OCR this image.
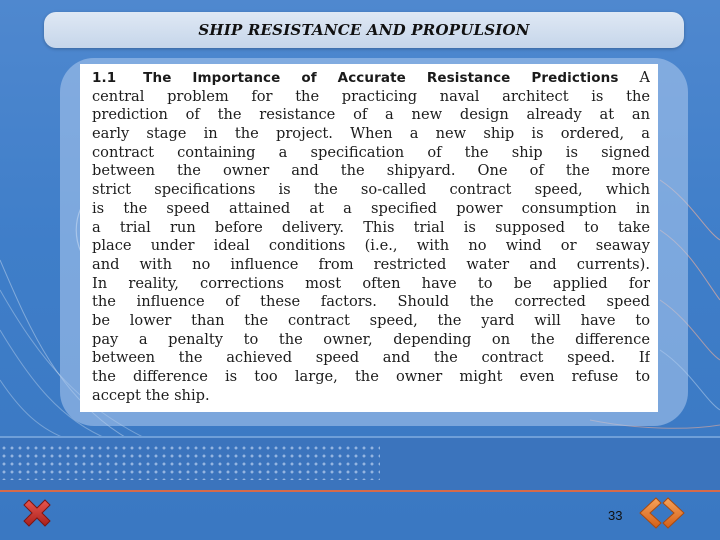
SHIP RESISTANCE AND PROPULSION
1.1 The Importance of Accurate Resistance Predictions A
central problem for the practicing naval architect is the
prediction of the resistance of a new design already at an
early stage in the project. When a new ship is ordered, a
contract containing a specification of the ship is signed
between the owner and the shipyard. One of the more
strict specifications is the so-called contract speed, which
is the speed attained at a specified power consumption in
a trial run before delivery. This trial is supposed to take
place under ideal conditions (i.e., with no wind or seaway
and with no influence from restricted water and currents).
In reality, corrections most often have to be applied for
the influence of these factors. Should the corrected speed
be lower than the contract speed, the yard will have to
pay a penalty to the owner, depending on the difference
between the achieved speed and the contract speed. If
the difference is too large, the owner might even refuse to
accept the ship.
33
